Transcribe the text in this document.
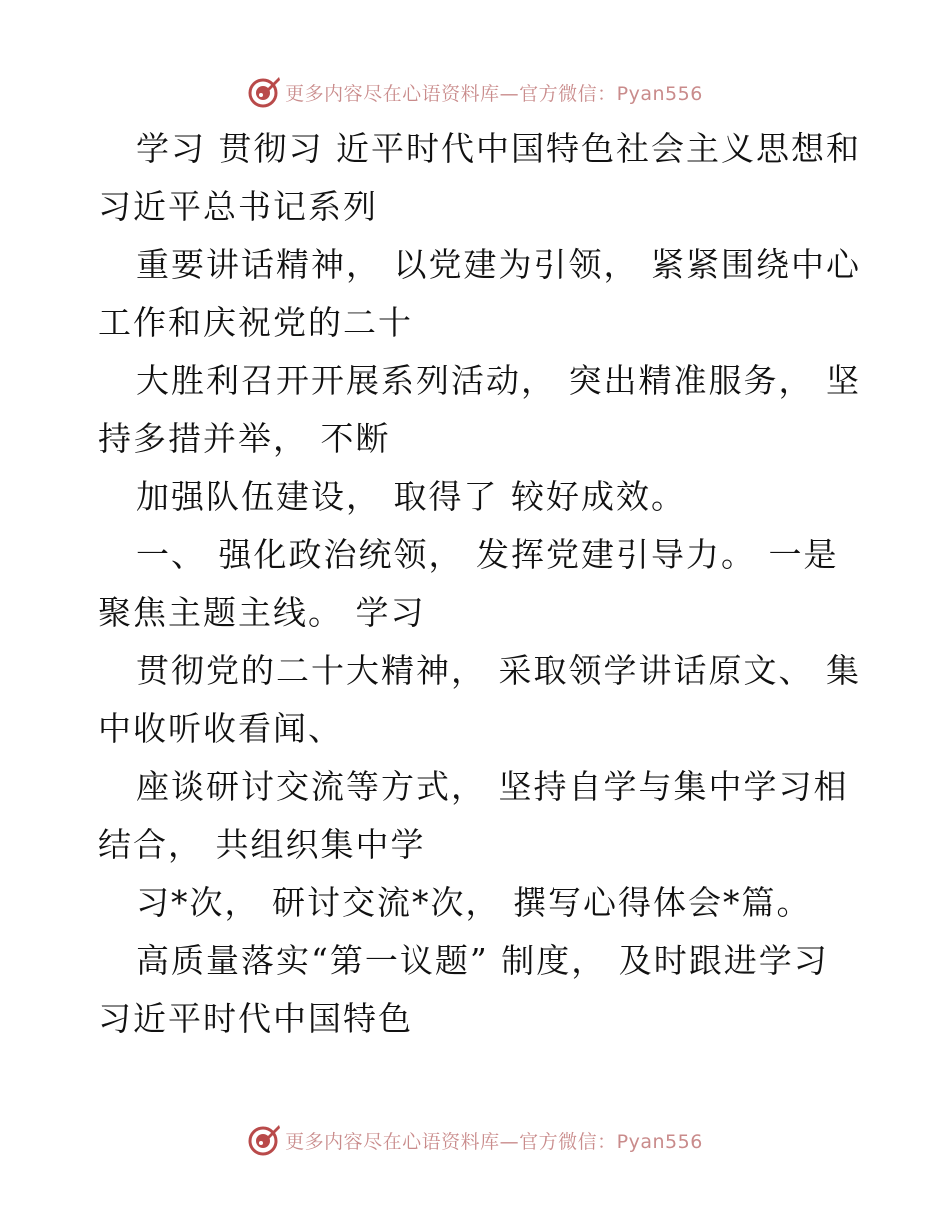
更多内容尽在心语资料库—官方微信：Pyan556
学习 贯彻习 近平时代中国特色社会主义思想和
习近平总书记系列
重要讲话精神， 以党建为引领， 紧紧围绕中心
工作和庆祝党的二十
大胜利召开开展系列活动， 突出精准服务， 坚
持多措并举， 不断
加强队伍建设， 取得了 较好成效。
一、 强化政治统领， 发挥党建引导力。 一是
聚焦主题主线。 学习
贯彻党的二十大精神， 采取领学讲话原文、 集
中收听收看闻、
座谈研讨交流等方式， 坚持自学与集中学习相
结合， 共组织集中学
习*次， 研讨交流*次， 撰写心得体会*篇。
高质量落实“第一议题” 制度， 及时跟进学习
习近平时代中国特色
更多内容尽在心语资料库—官方微信：Pyan556
